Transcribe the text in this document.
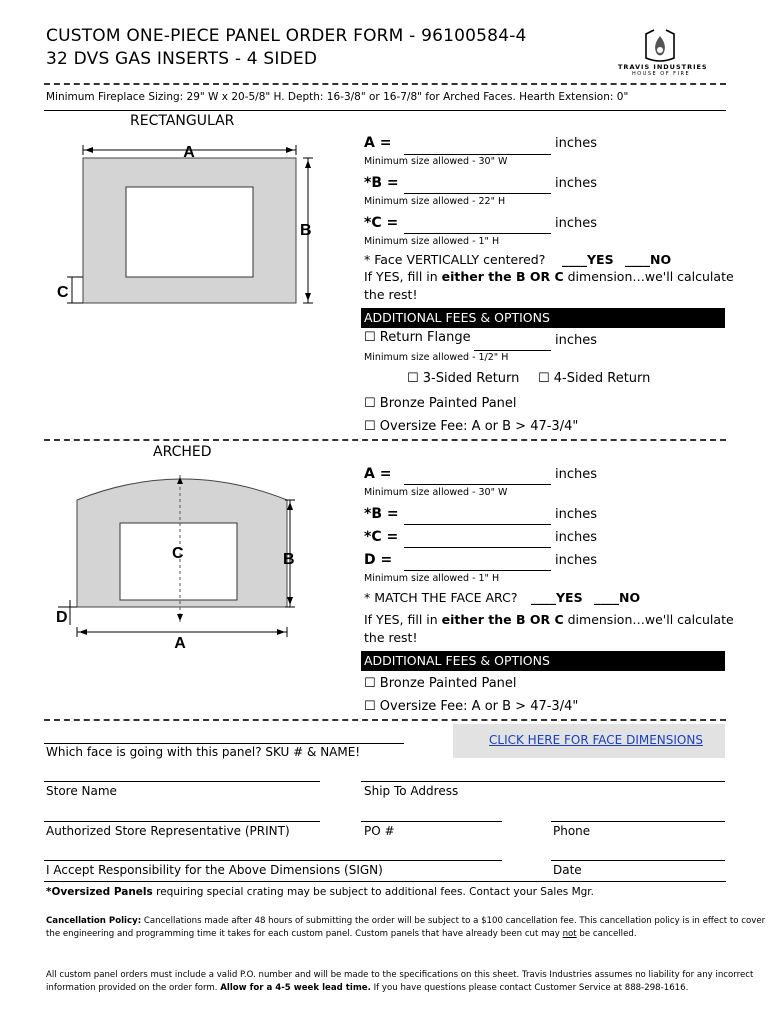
CUSTOM ONE-PIECE PANEL ORDER FORM - 96100584-4
32 DVS GAS INSERTS - 4 SIDED	TRAVIS INDUSTRIES
HOUSE OF FIRE
Minimum Fireplace Sizing: 29" W x 20-5/8" H. Depth: 16-3/8" or 16-7/8" for Arched Faces. Hearth Extension: 0"
RECTANGULAR
A
B
C
A =	inches
Minimum size allowed - 30" W
*B =	inches
Minimum size allowed - 22" H
*C =	inches
Minimum size allowed - 1" H
* Face VERTICALLY centered? ____YES ____NO
If YES, fill in either the B OR C dimension…we'll calculate
the rest!
ADDITIONAL FEES & OPTIONS
☐ Return Flange	inches
Minimum size allowed - 1/2" H
☐ 3-Sided Return ☐ 4-Sided Return
☐ Bronze Painted Panel
☐ Oversize Fee: A or B > 47-3/4"
ARCHED
C	B
D
A
A =	inches
Minimum size allowed - 30" W
*B =	inches
*C =	inches
D =	inches
Minimum size allowed - 1" H
* MATCH THE FACE ARC? ____YES ____NO
If YES, fill in either the B OR C dimension…we'll calculate
the rest!
ADDITIONAL FEES & OPTIONS
☐ Bronze Painted Panel
☐ Oversize Fee: A or B > 47-3/4"
Which face is going with this panel? SKU # & NAME!
CLICK HERE FOR FACE DIMENSIONS
Store Name	Ship To Address
Authorized Store Representative (PRINT)	PO #	Phone
I Accept Responsibility for the Above Dimensions (SIGN)	Date
*Oversized Panels requiring special crating may be subject to additional fees. Contact your Sales Mgr.
Cancellation Policy: Cancellations made after 48 hours of submitting the order will be subject to a $100 cancellation fee. This cancellation policy is in effect to cover
the engineering and programming time it takes for each custom panel. Custom panels that have already been cut may not be cancelled.
All custom panel orders must include a valid P.O. number and will be made to the specifications on this sheet. Travis Industries assumes no liability for any incorrect
information provided on the order form. Allow for a 4-5 week lead time. If you have questions please contact Customer Service at 888-298-1616.
